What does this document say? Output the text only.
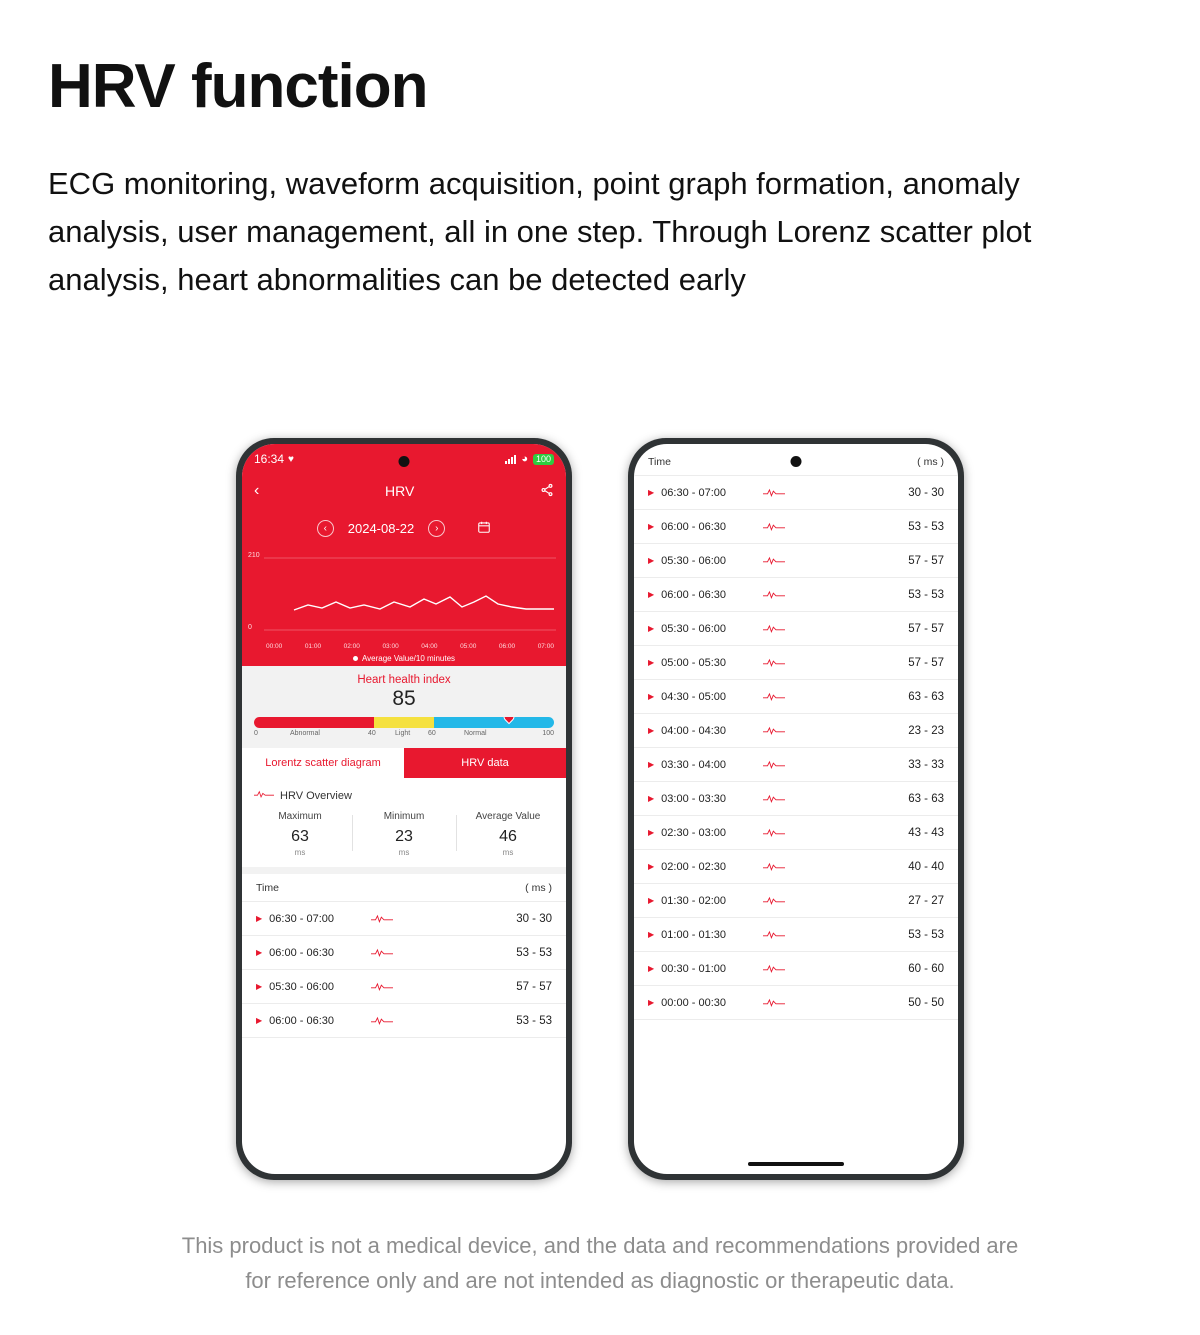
HRV function
ECG monitoring, waveform acquisition, point graph formation, anomaly analysis, user management, all in one step. Through Lorenz scatter plot analysis, heart abnormalities can be detected early
16:34 ♥	◕ 100
‹	HRV
‹	2024-08-22	›
210
0
00:00	01:00	02:00	03:00	04:00	05:00	06:00	07:00
Average Value/10 minutes
Heart health index
85
0	Abnormal	40	Light	60	Normal	100
Lorentz scatter diagram	HRV data
HRV Overview
Maximum
63
ms
Minimum
23
ms
Average Value
46
ms
Time	( ms )
▶ 06:30 - 07:00	30 - 30
▶ 06:00 - 06:30	53 - 53
▶ 05:30 - 06:00	57 - 57
▶ 06:00 - 06:30	53 - 53
Time	( ms )
▶ 06:30 - 07:00	30 - 30
▶ 06:00 - 06:30	53 - 53
▶ 05:30 - 06:00	57 - 57
▶ 06:00 - 06:30	53 - 53
▶ 05:30 - 06:00	57 - 57
▶ 05:00 - 05:30	57 - 57
▶ 04:30 - 05:00	63 - 63
▶ 04:00 - 04:30	23 - 23
▶ 03:30 - 04:00	33 - 33
▶ 03:00 - 03:30	63 - 63
▶ 02:30 - 03:00	43 - 43
▶ 02:00 - 02:30	40 - 40
▶ 01:30 - 02:00	27 - 27
▶ 01:00 - 01:30	53 - 53
▶ 00:30 - 01:00	60 - 60
▶ 00:00 - 00:30	50 - 50
This product is not a medical device, and the data and recommendations provided are
for reference only and are not intended as diagnostic or therapeutic data.
